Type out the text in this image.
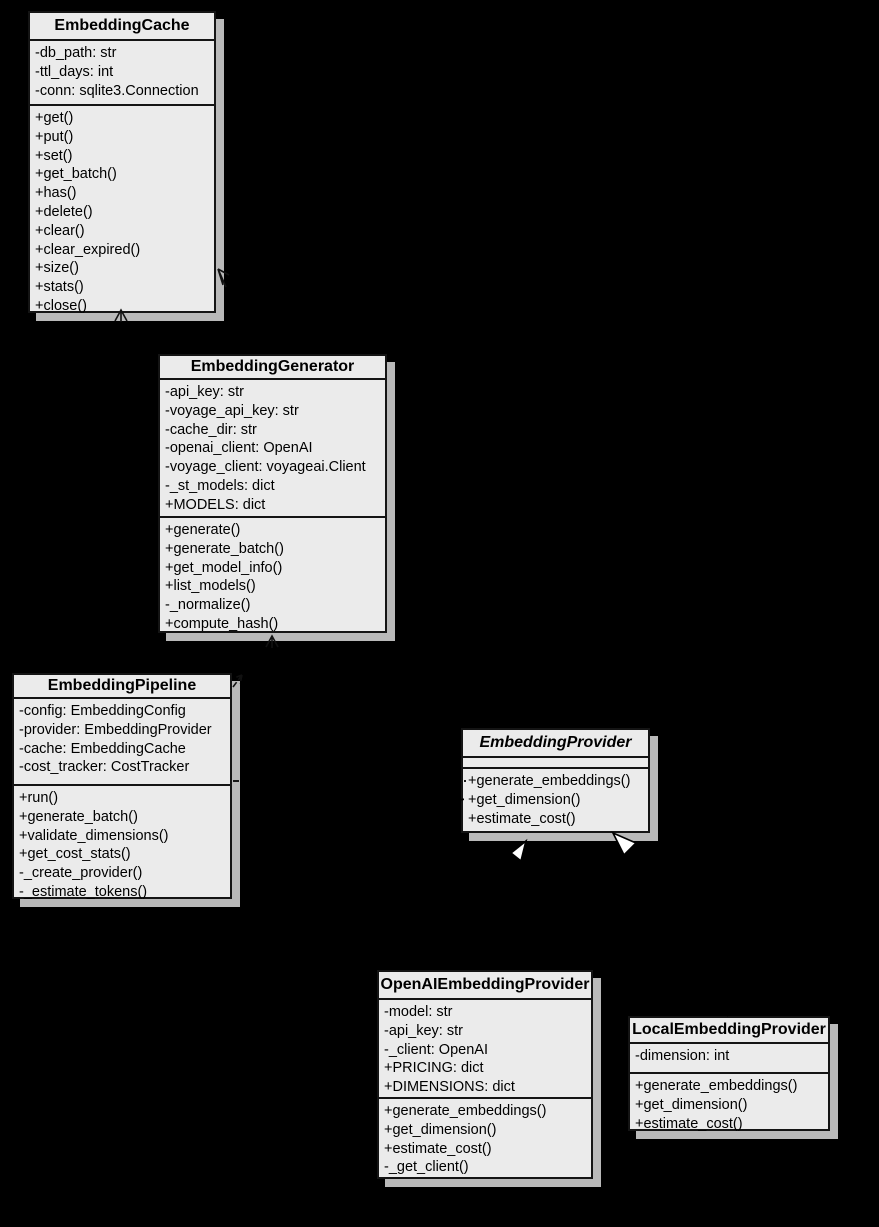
EmbeddingCache
-db_path: str
-ttl_days: int
-conn: sqlite3.Connection
+get()
+put()
+set()
+get_batch()
+has()
+delete()
+clear()
+clear_expired()
+size()
+stats()
+close()
EmbeddingGenerator
-api_key: str
-voyage_api_key: str
-cache_dir: str
-openai_client: OpenAI
-voyage_client: voyageai.Client
-_st_models: dict
+MODELS: dict
+generate()
+generate_batch()
+get_model_info()
+list_models()
-_normalize()
+compute_hash()
EmbeddingPipeline
-config: EmbeddingConfig
-provider: EmbeddingProvider
-cache: EmbeddingCache
-cost_tracker: CostTracker
+run()
+generate_batch()
+validate_dimensions()
+get_cost_stats()
-_create_provider()
-_estimate_tokens()
EmbeddingProvider
+generate_embeddings()
+get_dimension()
+estimate_cost()
OpenAIEmbeddingProvider
-model: str
-api_key: str
-_client: OpenAI
+PRICING: dict
+DIMENSIONS: dict
+generate_embeddings()
+get_dimension()
+estimate_cost()
-_get_client()
LocalEmbeddingProvider
-dimension: int
+generate_embeddings()
+get_dimension()
+estimate_cost()
